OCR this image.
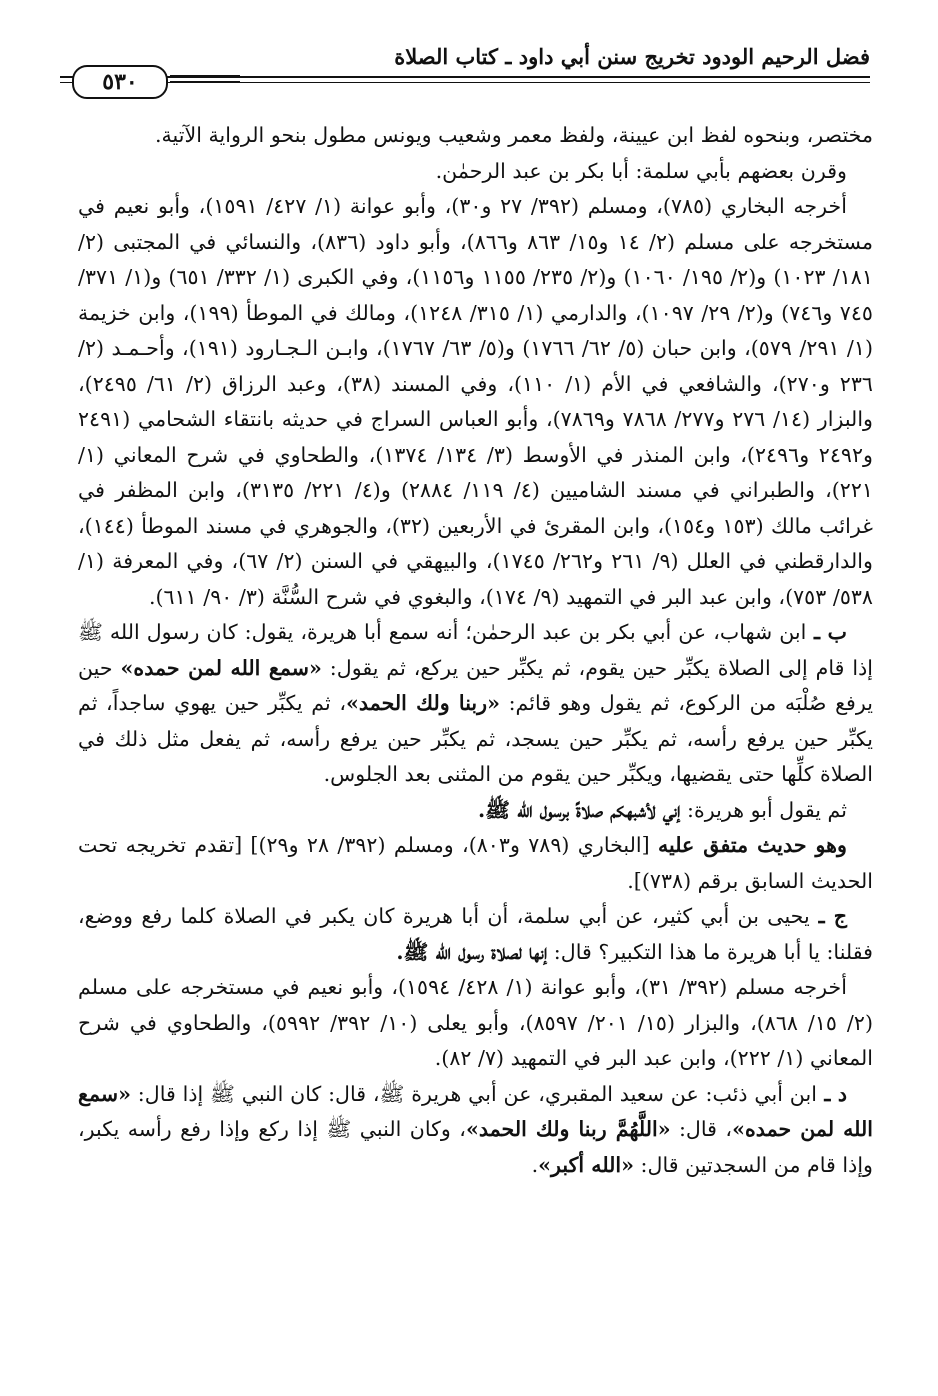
فضل الرحيم الودود تخريج سنن أبي داود ـ كتاب الصلاة
٥٣٠

مختصر، وبنحوه لفظ ابن عيينة، ولفظ معمر وشعيب ويونس مطول بنحو الرواية الآتية.

وقرن بعضهم بأبي سلمة: أبا بكر بن عبد الرحمٰن.

أخرجه البخاري (٧٨٥)، ومسلم (٣٩٢/ ٢٧ و٣٠)، وأبو عوانة (١/ ٤٢٧/ ١٥٩١)، وأبو نعيم في مستخرجه على مسلم (٢/ ١٤ و١٥/ ٨٦٣ و٨٦٦)، وأبو داود (٨٣٦)، والنسائي في المجتبى (٢/ ١٨١/ ١٠٢٣) و(٢/ ١٩٥/ ١٠٦٠) و(٢/ ٢٣٥/ ١١٥٥ و١١٥٦)، وفي الكبرى (١/ ٣٣٢/ ٦٥١) و(١/ ٣٧١/ ٧٤٥ و٧٤٦) و(٢/ ٢٩/ ١٠٩٧)، والدارمي (١/ ٣١٥/ ١٢٤٨)، ومالك في الموطأ (١٩٩)، وابن خزيمة (١/ ٢٩١/ ٥٧٩)، وابن حبان (٥/ ٦٢/ ١٧٦٦) و(٥/ ٦٣/ ١٧٦٧)، وابـن الـجـارود (١٩١)، وأحـمـد (٢/ ٢٣٦ و٢٧٠)، والشافعي في الأم (١/ ١١٠)، وفي المسند (٣٨)، وعبد الرزاق (٢/ ٦١/ ٢٤٩٥)، والبزار (١٤/ ٢٧٦ و٢٧٧/ ٧٨٦٨ و٧٨٦٩)، وأبو العباس السراج في حديثه بانتقاء الشحامي (٢٤٩١ و٢٤٩٢ و٢٤٩٦)، وابن المنذر في الأوسط (٣/ ١٣٤/ ١٣٧٤)، والطحاوي في شرح المعاني (١/ ٢٢١)، والطبراني في مسند الشاميين (٤/ ١١٩/ ٢٨٨٤) و(٤/ ٢٢١/ ٣١٣٥)، وابن المظفر في غرائب مالك (١٥٣ و١٥٤)، وابن المقرئ في الأربعين (٣٢)، والجوهري في مسند الموطأ (١٤٤)، والدارقطني في العلل (٩/ ٢٦١ و٢٦٢/ ١٧٤٥)، والبيهقي في السنن (٢/ ٦٧)، وفي المعرفة (١/ ٥٣٨/ ٧٥٣)، وابن عبد البر في التمهيد (٩/ ١٧٤)، والبغوي في شرح السُّنَّة (٣/ ٩٠/ ٦١١).

ب ـ ابن شهاب، عن أبي بكر بن عبد الرحمٰن؛ أنه سمع أبا هريرة، يقول: كان رسول الله ﷺ إذا قام إلى الصلاة يكبِّر حين يقوم، ثم يكبِّر حين يركع، ثم يقول: «سمع الله لمن حمده» حين يرفع صُلْبَه من الركوع، ثم يقول وهو قائم: «ربنا ولك الحمد»، ثم يكبِّر حين يهوي ساجداً، ثم يكبِّر حين يرفع رأسه، ثم يكبِّر حين يسجد، ثم يكبِّر حين يرفع رأسه، ثم يفعل مثل ذلك في الصلاة كلِّها حتى يقضيها، ويكبِّر حين يقوم من المثنى بعد الجلوس.

ثم يقول أبو هريرة: إني لأشبهكم صلاةً برسول الله ﷺ.

وهو حديث متفق عليه [البخاري (٧٨٩ و٨٠٣)، ومسلم (٣٩٢/ ٢٨ و٢٩)] [تقدم تخريجه تحت الحديث السابق برقم (٧٣٨)].

ج ـ يحيى بن أبي كثير، عن أبي سلمة، أن أبا هريرة كان يكبر في الصلاة كلما رفع ووضع، فقلنا: يا أبا هريرة ما هذا التكبير؟ قال: إنها لصلاة رسول الله ﷺ.

أخرجه مسلم (٣٩٢/ ٣١)، وأبو عوانة (١/ ٤٢٨/ ١٥٩٤)، وأبو نعيم في مستخرجه على مسلم (٢/ ١٥/ ٨٦٨)، والبزار (١٥/ ٢٠١/ ٨٥٩٧)، وأبو يعلى (١٠/ ٣٩٢/ ٥٩٩٢)، والطحاوي في شرح المعاني (١/ ٢٢٢)، وابن عبد البر في التمهيد (٧/ ٨٢).

د ـ ابن أبي ذئب: عن سعيد المقبري، عن أبي هريرة ﷺ، قال: كان النبي ﷺ إذا قال: «سمع الله لمن حمده»، قال: «اللَّهُمَّ ربنا ولك الحمد»، وكان النبي ﷺ إذا ركع وإذا رفع رأسه يكبر، وإذا قام من السجدتين قال: «الله أكبر».
